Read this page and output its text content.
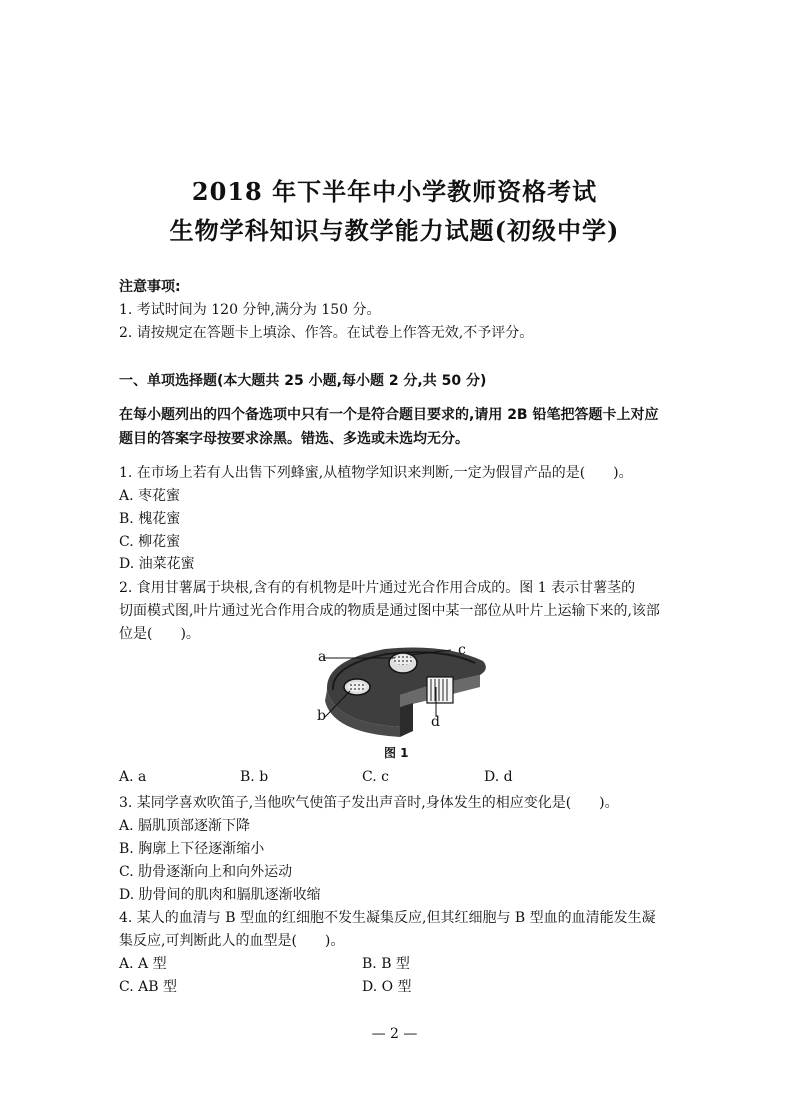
2018 年下半年中小学教师资格考试
生物学科知识与教学能力试题(初级中学)
注意事项:
1. 考试时间为 120 分钟,满分为 150 分。
2. 请按规定在答题卡上填涂、作答。在试卷上作答无效,不予评分。
一、单项选择题(本大题共 25 小题,每小题 2 分,共 50 分)
在每小题列出的四个备选项中只有一个是符合题目要求的,请用 2B 铅笔把答题卡上对应
题目的答案字母按要求涂黑。错选、多选或未选均无分。
1. 在市场上若有人出售下列蜂蜜,从植物学知识来判断,一定为假冒产品的是(　　)。
A. 枣花蜜
B. 槐花蜜
C. 柳花蜜
D. 油菜花蜜
2. 食用甘薯属于块根,含有的有机物是叶片通过光合作用合成的。图 1 表示甘薯茎的
切面模式图,叶片通过光合作用合成的物质是通过图中某一部位从叶片上运输下来的,该部
位是(　　)。
a	c
b	d
图 1
A. a	B. b	C. c	D. d
3. 某同学喜欢吹笛子,当他吹气使笛子发出声音时,身体发生的相应变化是(　　)。
A. 膈肌顶部逐渐下降
B. 胸廓上下径逐渐缩小
C. 肋骨逐渐向上和向外运动
D. 肋骨间的肌肉和膈肌逐渐收缩
4. 某人的血清与 B 型血的红细胞不发生凝集反应,但其红细胞与 B 型血的血清能发生凝
集反应,可判断此人的血型是(　　)。
A. A 型	B. B 型
C. AB 型	D. O 型
— 2 —
